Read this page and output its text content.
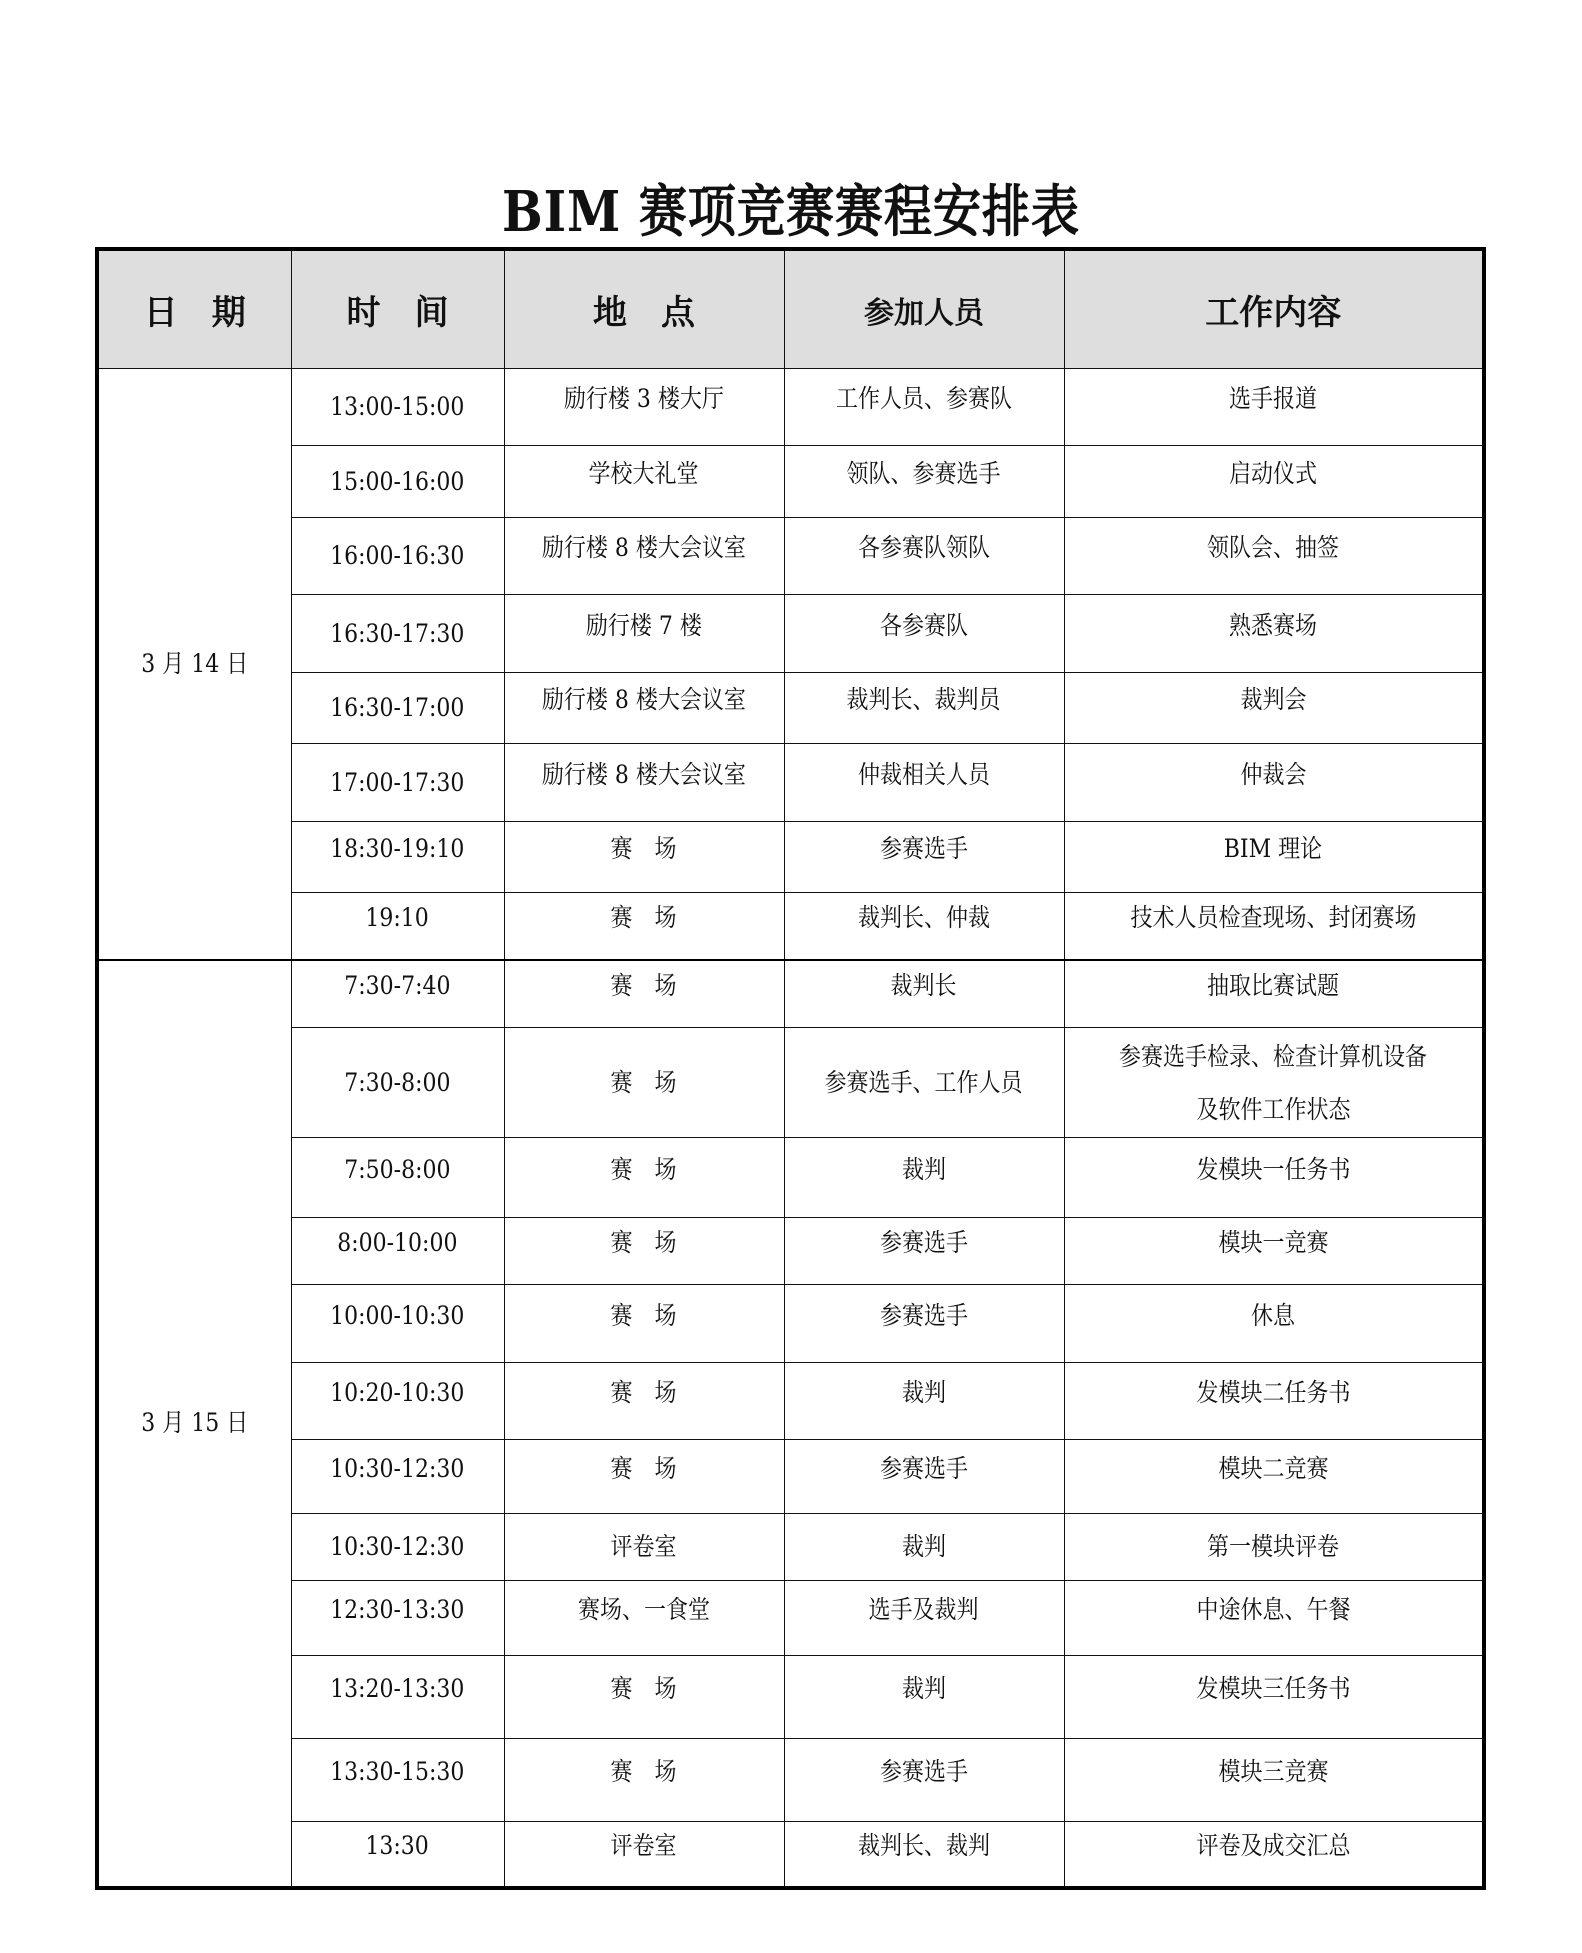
BIM 赛项竞赛赛程安排表
日　期	时　间	地　点	参加人员	工作内容
3 月 14 日	13:00-15:00	励行楼 3 楼大厅	工作人员、参赛队	选手报道
	15:00-16:00	学校大礼堂	领队、参赛选手	启动仪式
	16:00-16:30	励行楼 8 楼大会议室	各参赛队领队	领队会、抽签
	16:30-17:30	励行楼 7 楼	各参赛队	熟悉赛场
	16:30-17:00	励行楼 8 楼大会议室	裁判长、裁判员	裁判会
	17:00-17:30	励行楼 8 楼大会议室	仲裁相关人员	仲裁会
	18:30-19:10	赛　场	参赛选手	BIM 理论
	19:10	赛　场	裁判长、仲裁	技术人员检查现场、封闭赛场
3 月 15 日	7:30-7:40	赛　场	裁判长	抽取比赛试题
	7:30-8:00	赛　场	参赛选手、工作人员	参赛选手检录、检查计算机设备
及软件工作状态
	7:50-8:00	赛　场	裁判	发模块一任务书
	8:00-10:00	赛　场	参赛选手	模块一竞赛
	10:00-10:30	赛　场	参赛选手	休息
	10:20-10:30	赛　场	裁判	发模块二任务书
	10:30-12:30	赛　场	参赛选手	模块二竞赛
	10:30-12:30	评卷室	裁判	第一模块评卷
	12:30-13:30	赛场、一食堂	选手及裁判	中途休息、午餐
	13:20-13:30	赛　场	裁判	发模块三任务书
	13:30-15:30	赛　场	参赛选手	模块三竞赛
	13:30	评卷室	裁判长、裁判	评卷及成交汇总
